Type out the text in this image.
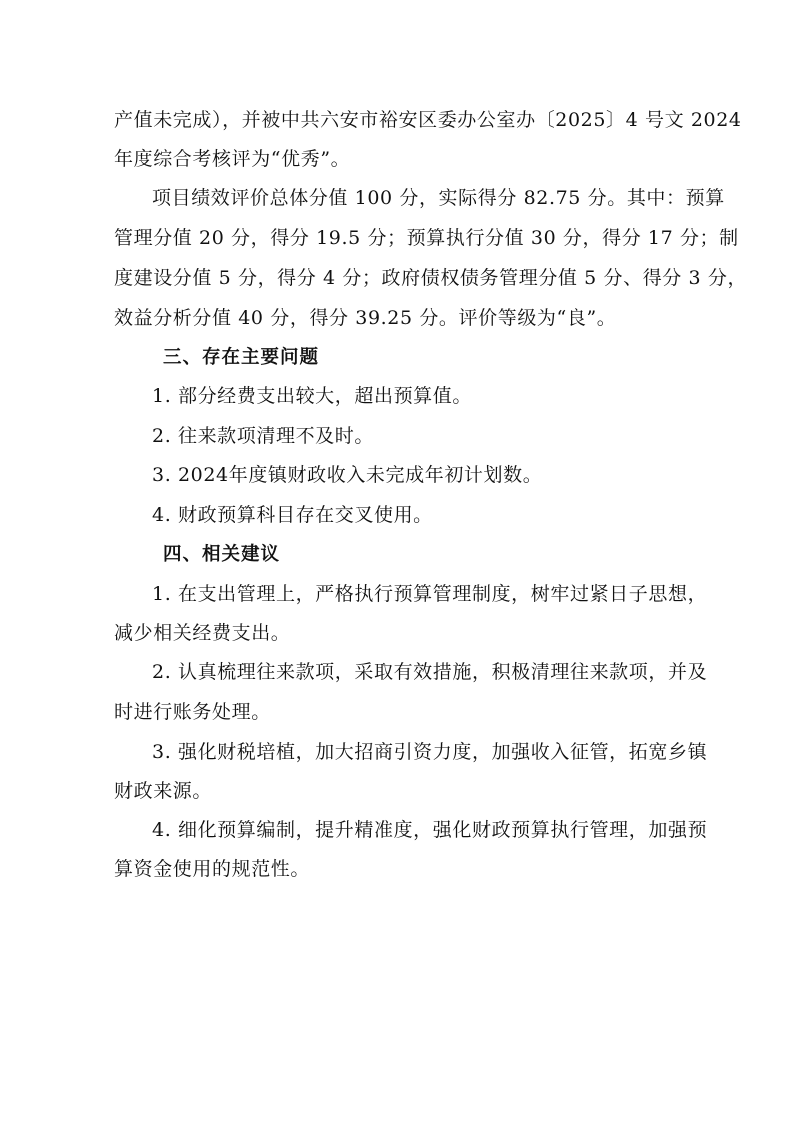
产值未完成），并被中共六安市裕安区委办公室办〔2025〕4 号文 2024
年度综合考核评为“优秀”。
项目绩效评价总体分值 100 分，实际得分 82.75 分。其中：预算
管理分值 20 分，得分 19.5 分；预算执行分值 30 分，得分 17 分；制
度建设分值 5 分，得分 4 分；政府债权债务管理分值 5 分、得分 3 分，
效益分析分值 40 分，得分 39.25 分。评价等级为“良”。
三、存在主要问题
1. 部分经费支出较大，超出预算值。
2. 往来款项清理不及时。
3. 2024年度镇财政收入未完成年初计划数。
4. 财政预算科目存在交叉使用。
四、相关建议
1. 在支出管理上，严格执行预算管理制度，树牢过紧日子思想，
减少相关经费支出。
2. 认真梳理往来款项，采取有效措施，积极清理往来款项，并及
时进行账务处理。
3. 强化财税培植，加大招商引资力度，加强收入征管，拓宽乡镇
财政来源。
4. 细化预算编制，提升精准度，强化财政预算执行管理，加强预
算资金使用的规范性。
